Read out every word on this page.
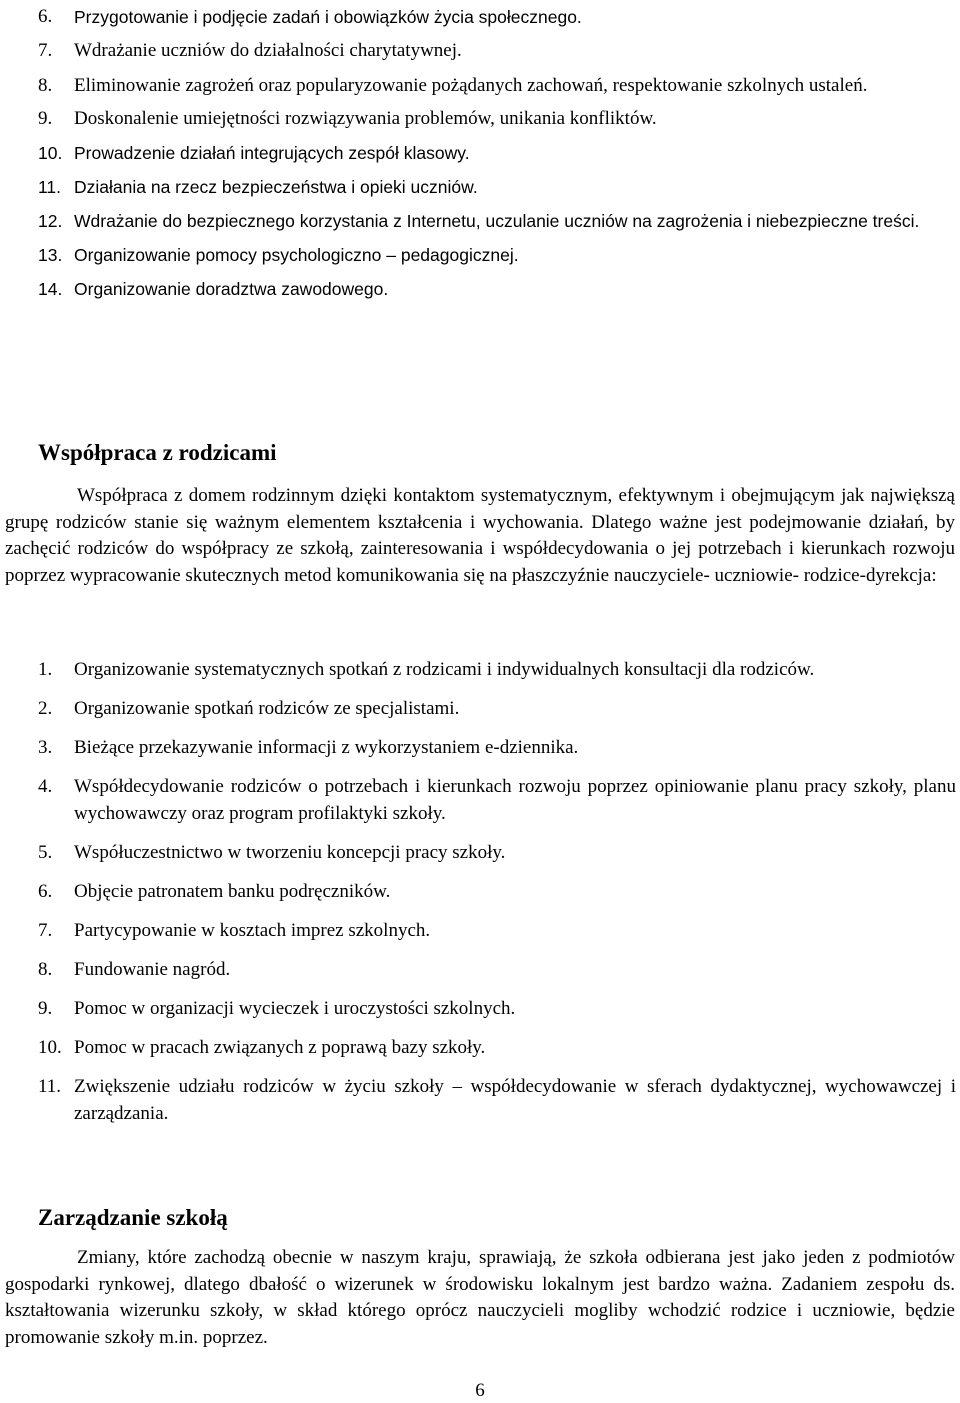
6.	Przygotowanie i podjęcie zadań i obowiązków życia społecznego.
7.	Wdrażanie uczniów do działalności charytatywnej.
8.	Eliminowanie zagrożeń oraz popularyzowanie pożądanych zachowań, respektowanie szkolnych ustaleń.
9.	Doskonalenie umiejętności rozwiązywania problemów, unikania konfliktów.
10. Prowadzenie działań integrujących zespół klasowy.
11. Działania na rzecz bezpieczeństwa i opieki uczniów.
12. Wdrażanie do bezpiecznego korzystania z Internetu, uczulanie uczniów na zagrożenia i niebezpieczne treści.
13. Organizowanie pomocy psychologiczno – pedagogicznej.
14. Organizowanie doradztwa zawodowego.
Współpraca z rodzicami
Współpraca z domem rodzinnym dzięki kontaktom systematycznym, efektywnym i obejmującym jak największą grupę rodziców stanie się ważnym elementem kształcenia i wychowania. Dlatego ważne jest podejmowanie działań, by zachęcić rodziców do współpracy ze szkołą, zainteresowania i współdecydowania o jej potrzebach i kierunkach rozwoju poprzez wypracowanie skutecznych metod komunikowania się na płaszczyźnie nauczyciele- uczniowie- rodzice-dyrekcja:
1.	Organizowanie systematycznych spotkań z rodzicami i indywidualnych konsultacji dla rodziców.
2.	Organizowanie spotkań rodziców ze specjalistami.
3.	Bieżące przekazywanie informacji z wykorzystaniem e-dziennika.
4.	Współdecydowanie rodziców o potrzebach i kierunkach rozwoju poprzez opiniowanie planu pracy szkoły, planu wychowawczy oraz program profilaktyki szkoły.
5.	Współuczestnictwo w tworzeniu koncepcji pracy szkoły.
6.	Objęcie patronatem banku podręczników.
7.	Partycypowanie w kosztach imprez szkolnych.
8.	Fundowanie nagród.
9.	Pomoc w organizacji wycieczek i uroczystości szkolnych.
10. Pomoc w pracach związanych z poprawą bazy szkoły.
11. Zwiększenie udziału rodziców w życiu szkoły – współdecydowanie w sferach dydaktycznej, wychowawczej i zarządzania.
Zarządzanie szkołą
Zmiany, które zachodzą obecnie w naszym kraju, sprawiają, że szkoła odbierana jest jako jeden z podmiotów gospodarki rynkowej, dlatego dbałość o wizerunek w środowisku lokalnym jest bardzo ważna. Zadaniem zespołu ds. kształtowania wizerunku szkoły, w skład którego oprócz nauczycieli mogliby wchodzić rodzice i uczniowie, będzie promowanie szkoły m.in. poprzez.
6
